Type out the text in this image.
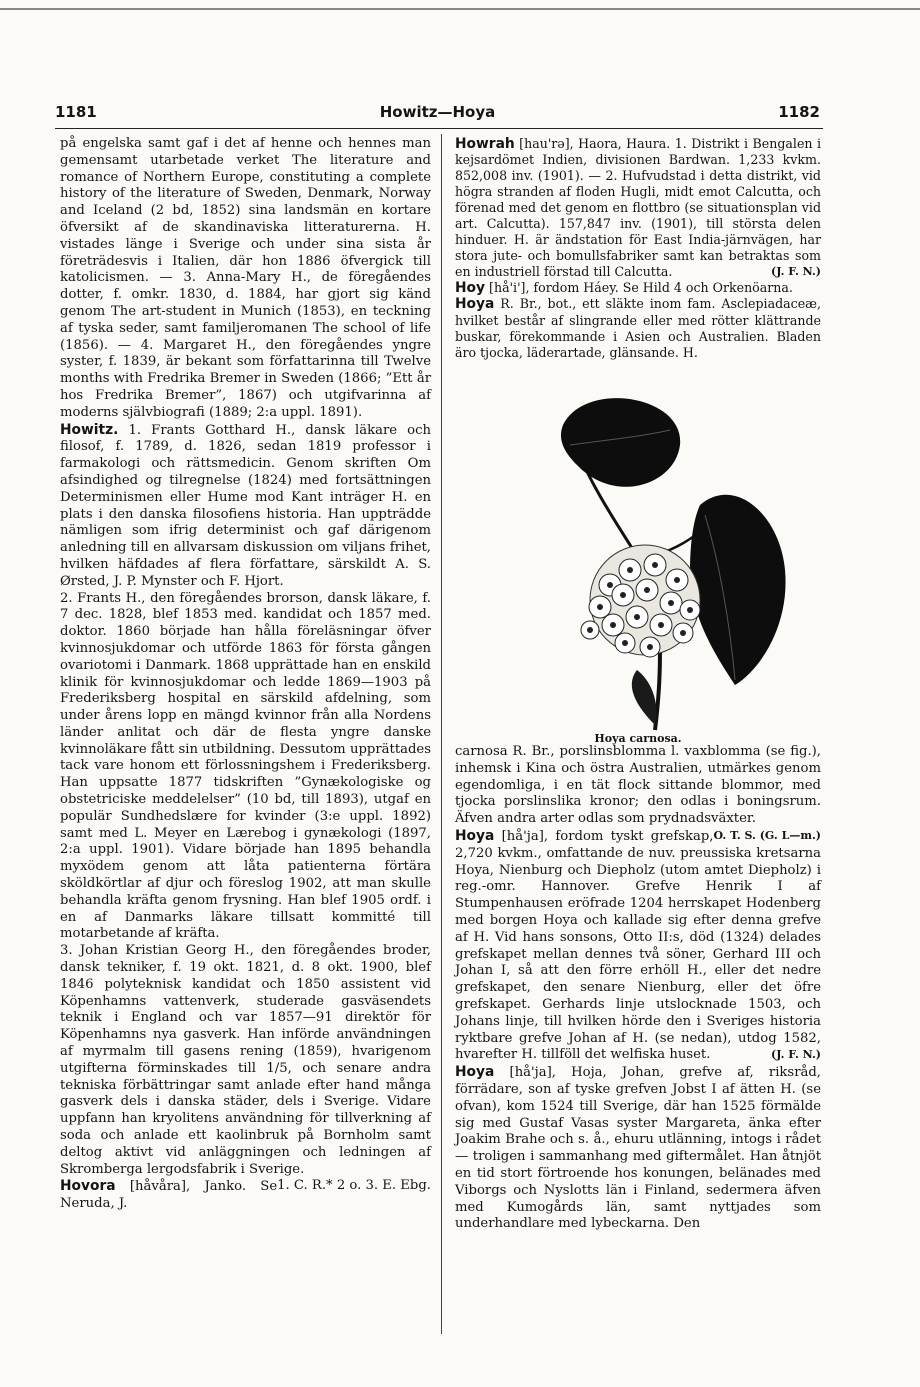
1181	Howitz—Hoya	1182

på engelska samt gaf i det af henne och hennes man gemensamt utarbetade verket The literature and romance of Northern Europe, constituting a complete history of the literature of Sweden, Denmark, Norway and Iceland (2 bd, 1852) sina landsmän en kortare öfversikt af de skandinaviska litteraturerna. H. vistades länge i Sverige och under sina sista år företrädesvis i Italien, där hon 1886 öfvergick till katolicismen. — 3. Anna-Mary H., de föregåendes dotter, f. omkr. 1830, d. 1884, har gjort sig känd genom The art-student in Munich (1853), en teckning af tyska seder, samt familjeromanen The school of life (1856). — 4. Margaret H., den föregåendes yngre syster, f. 1839, är bekant som författarinna till Twelve months with Fredrika Bremer in Sweden (1866; ”Ett år hos Fredrika Bremer”, 1867) och utgifvarinna af moderns självbiografi (1889; 2:a uppl. 1891).

Howitz. 1. Frants Gotthard H., dansk läkare och filosof, f. 1789, d. 1826, sedan 1819 professor i farmakologi och rättsmedicin. Genom skriften Om afsindighed og tilregnelse (1824) med fortsättningen Determinismen eller Hume mod Kant inträger H. en plats i den danska filosofiens historia. Han uppträdde nämligen som ifrig determinist och gaf därigenom anledning till en allvarsam diskussion om viljans frihet, hvilken häfdades af flera författare, särskildt A. S. Ørsted, J. P. Mynster och F. Hjort.

2. Frants H., den föregåendes brorson, dansk läkare, f. 7 dec. 1828, blef 1853 med. kandidat och 1857 med. doktor. 1860 började han hålla föreläsningar öfver kvinnosjukdomar och utförde 1863 för första gången ovariotomi i Danmark. 1868 upprättade han en enskild klinik för kvinnosjukdomar och ledde 1869—1903 på Frederiksberg hospital en särskild afdelning, som under årens lopp en mängd kvinnor från alla Nordens länder anlitat och där de flesta yngre danske kvinnoläkare fått sin utbildning. Dessutom upprättades tack vare honom ett förlossningshem i Frederiksberg. Han uppsatte 1877 tidskriften ”Gynækologiske og obstetriciske meddelelser” (10 bd, till 1893), utgaf en populär Sundhedslære for kvinder (3:e uppl. 1892) samt med L. Meyer en Lærebog i gynækologi (1897, 2:a uppl. 1901). Vidare började han 1895 behandla myxödem genom att låta patienterna förtära sköldkörtlar af djur och föreslog 1902, att man skulle behandla kräfta genom frysning. Han blef 1905 ordf. i en af Danmarks läkare tillsatt kommitté till motarbetande af kräfta.

3. Johan Kristian Georg H., den föregåendes broder, dansk tekniker, f. 19 okt. 1821, d. 8 okt. 1900, blef 1846 polyteknisk kandidat och 1850 assistent vid Köpenhamns vattenverk, studerade gasväsendets teknik i England och var 1857—91 direktör för Köpenhamns nya gasverk. Han införde användningen af myrmalm till gasens rening (1859), hvarigenom utgifterna förminskades till 1/5, och senare andra tekniska förbättringar samt anlade efter hand många gasverk dels i danska städer, dels i Sverige. Vidare uppfann han kryolitens användning för tillverkning af soda och anlade ett kaolinbruk på Bornholm samt deltog aktivt vid anläggningen och ledningen af Skromberga lergodsfabrik i Sverige.
1. C. R.* 2 o. 3. E. Ebg.

Hovora [håvåra], Janko. Se Neruda, J.

Howrah [hau'rə], Haora, Haura. 1. Distrikt i Bengalen i kejsardömet Indien, divisionen Bardwan. 1,233 kvkm. 852,008 inv. (1901). — 2. Hufvudstad i detta distrikt, vid högra stranden af floden Hugli, midt emot Calcutta, och förenad med det genom en flottbro (se situationsplan vid art. Calcutta). 157,847 inv. (1901), till största delen hinduer. H. är ändstation för East India-järnvägen, har stora jute- och bomullsfabriker samt kan betraktas som en industriell förstad till Calcutta.	(J. F. N.)

Hoy [hå'i'], fordom Háey. Se Hild 4 och Orkenöarna.

Hoya R. Br., bot., ett släkte inom fam. Asclepiadaceæ, hvilket består af slingrande eller med rötter klättrande buskar, förekommande i Asien och Australien. Bladen äro tjocka, läderartade, glänsande. H.

Hoya carnosa.

carnosa R. Br., porslinsblomma l. vaxblomma (se fig.), inhemsk i Kina och östra Australien, utmärkes genom egendomliga, i en tät flock sittande blommor, med tjocka porslinslika kronor; den odlas i boningsrum. Äfven andra arter odlas som prydnadsväxter.
O. T. S. (G. L—m.)

Hoya [hå'ja], fordom tyskt grefskap, 2,720 kvkm., omfattande de nuv. preussiska kretsarna Hoya, Nienburg och Diepholz (utom amtet Diepholz) i reg.-omr. Hannover. Grefve Henrik I af Stumpenhausen eröfrade 1204 herrskapet Hodenberg med borgen Hoya och kallade sig efter denna grefve af H. Vid hans sonsons, Otto II:s, död (1324) delades grefskapet mellan dennes två söner, Gerhard III och Johan I, så att den förre erhöll H., eller det nedre grefskapet, den senare Nienburg, eller det öfre grefskapet. Gerhards linje utslocknade 1503, och Johans linje, till hvilken hörde den i Sveriges historia ryktbare grefve Johan af H. (se nedan), utdog 1582, hvarefter H. tillföll det welfiska huset.	(J. F. N.)

Hoya [hå'ja], Hoja, Johan, grefve af, riksråd, förrädare, son af tyske grefven Jobst I af ätten H. (se ofvan), kom 1524 till Sverige, där han 1525 förmälde sig med Gustaf Vasas syster Margareta, änka efter Joakim Brahe och s. å., ehuru utlänning, intogs i rådet — troligen i sammanhang med giftermålet. Han åtnjöt en tid stort förtroende hos konungen, belänades med Viborgs och Nyslotts län i Finland, sedermera äfven med Kumogårds län, samt nyttjades som underhandlare med lybeckarna. Den
